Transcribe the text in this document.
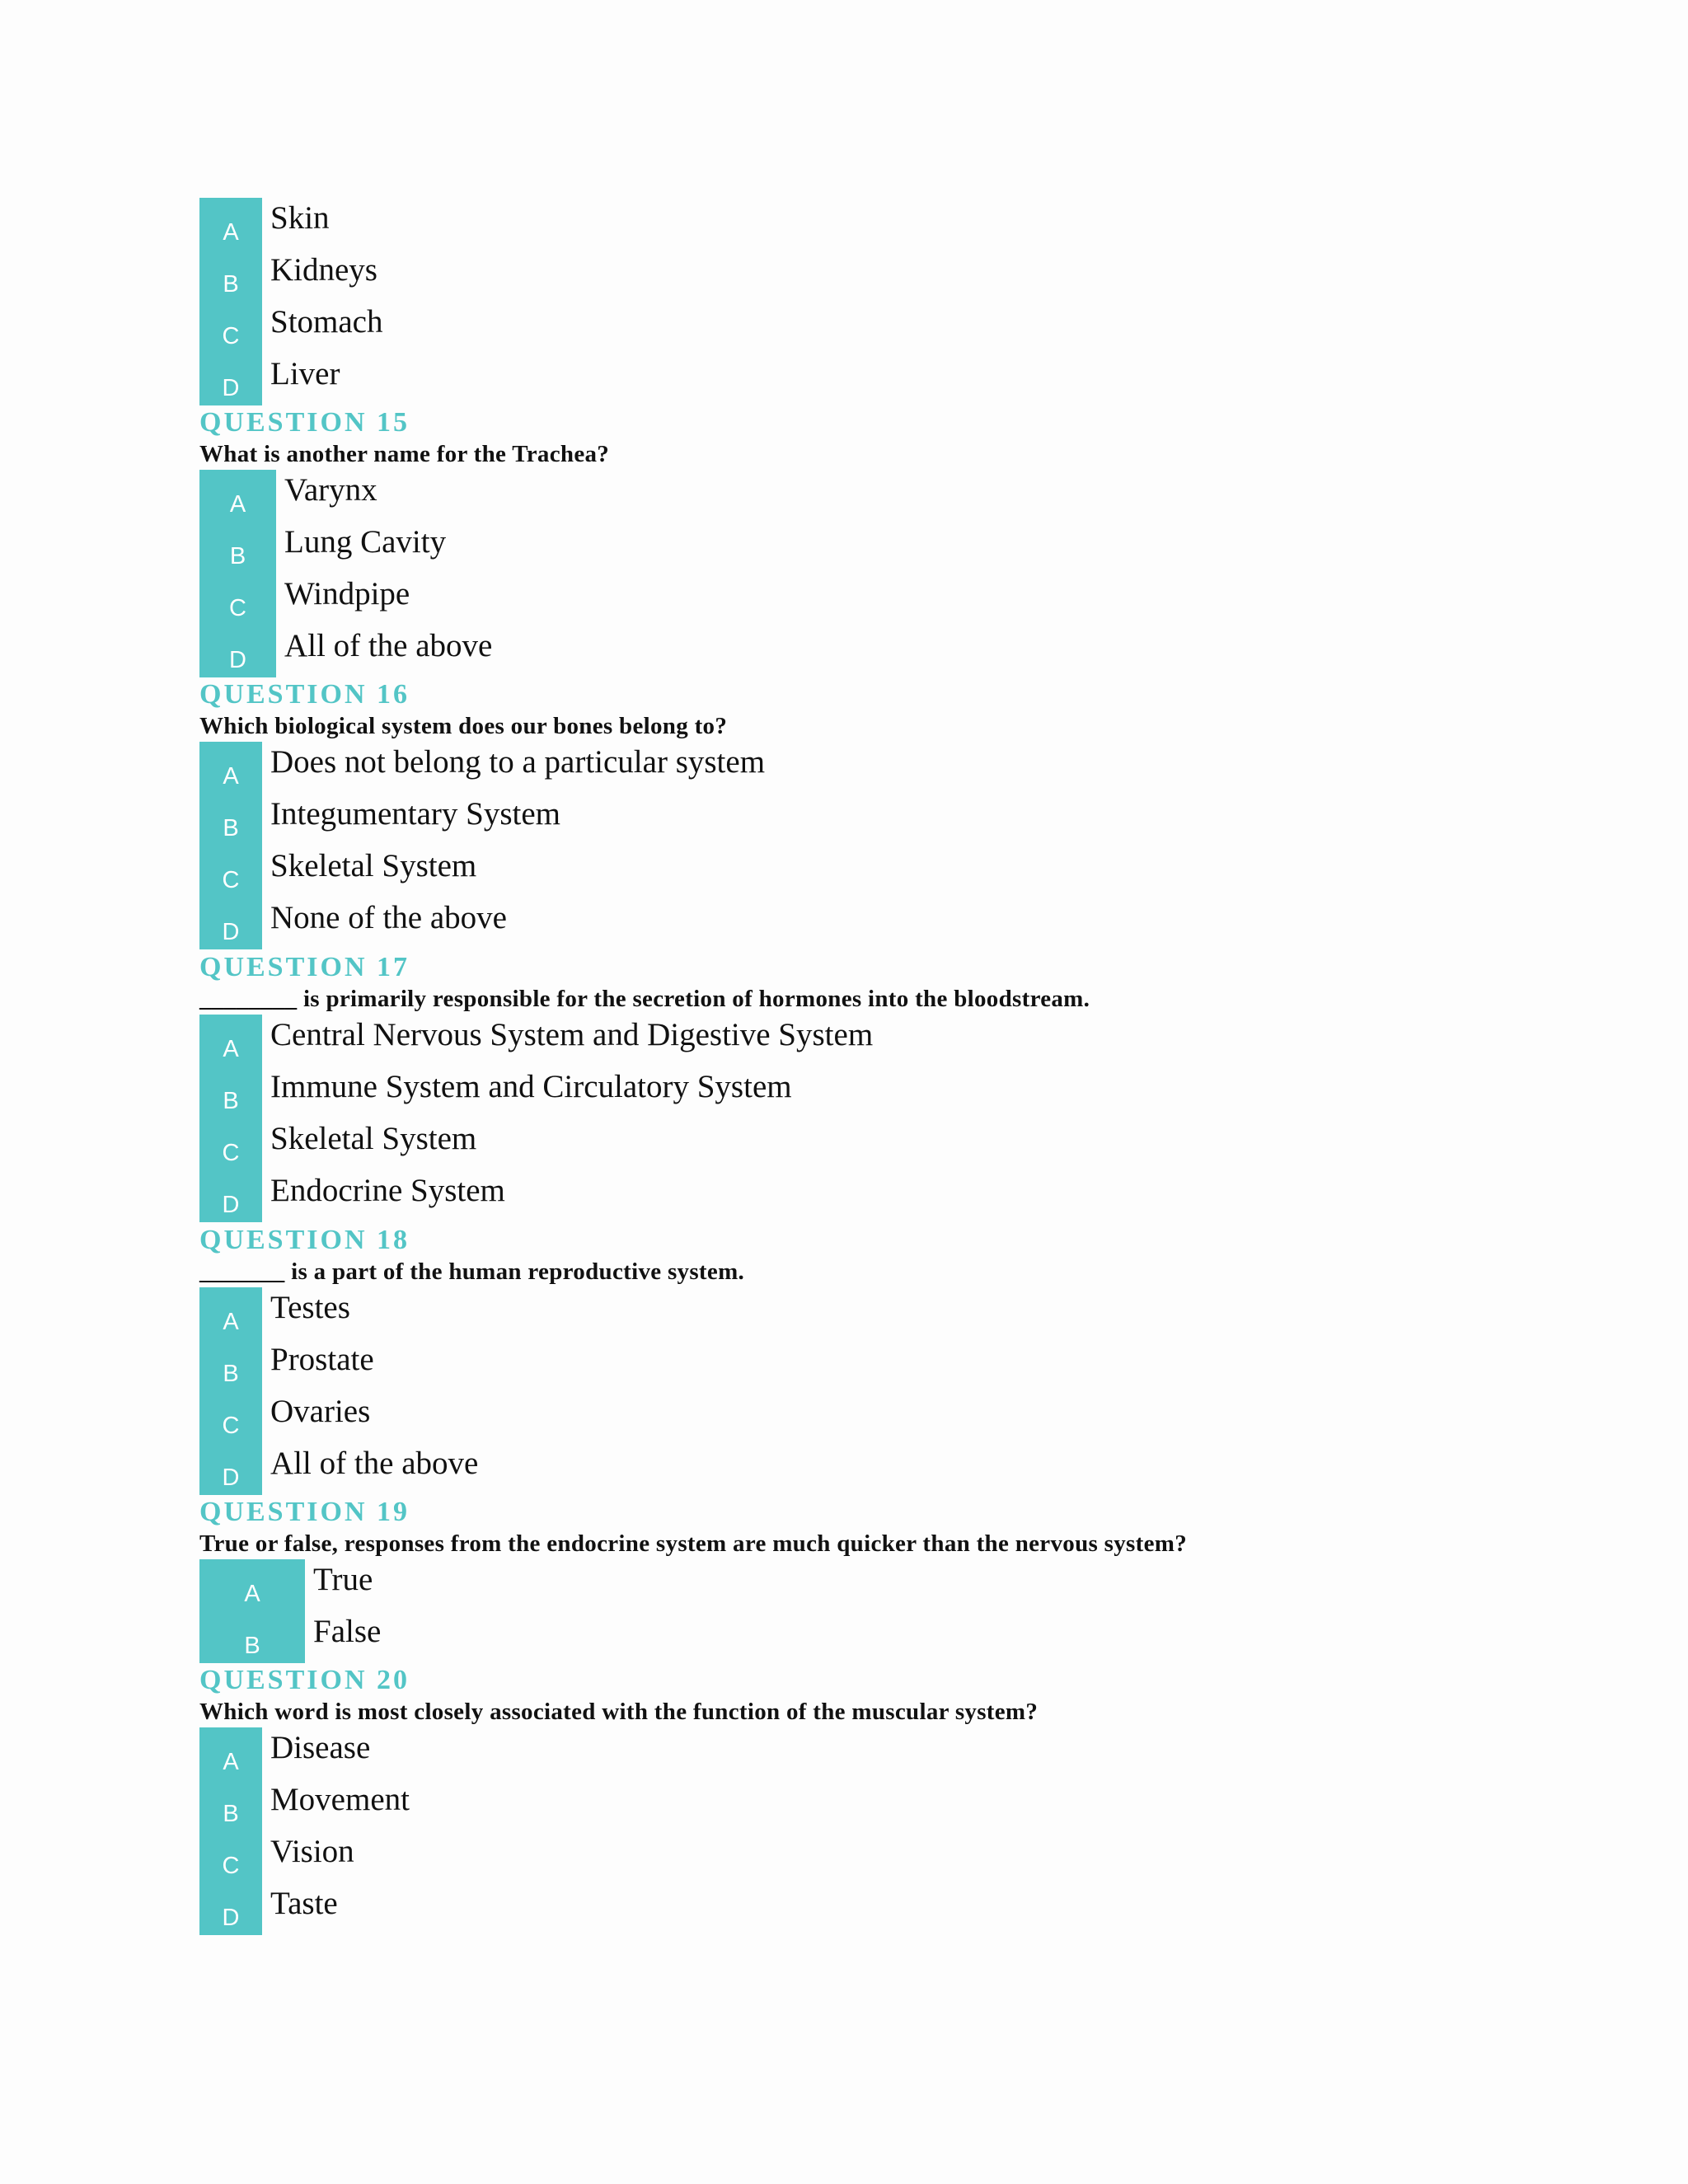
A
B
C
D
Skin
Kidneys
Stomach
Liver
QUESTION 15
What is another name for the Trachea?
A
B
C
D
Varynx
Lung Cavity
Windpipe
All of the above
QUESTION 16
Which biological system does our bones belong to?
A
B
C
D
Does not belong to a particular system
Integumentary System
Skeletal System
None of the above
QUESTION 17
________ is primarily responsible for the secretion of hormones into the bloodstream.
A
B
C
D
Central Nervous System and Digestive System
Immune System and Circulatory System
Skeletal System
Endocrine System
QUESTION 18
_______ is a part of the human reproductive system.
A
B
C
D
Testes
Prostate
Ovaries
All of the above
QUESTION 19
True or false, responses from the endocrine system are much quicker than the nervous system?
A
B
True
False
QUESTION 20
Which word is most closely associated with the function of the muscular system?
A
B
C
D
Disease
Movement
Vision
Taste
